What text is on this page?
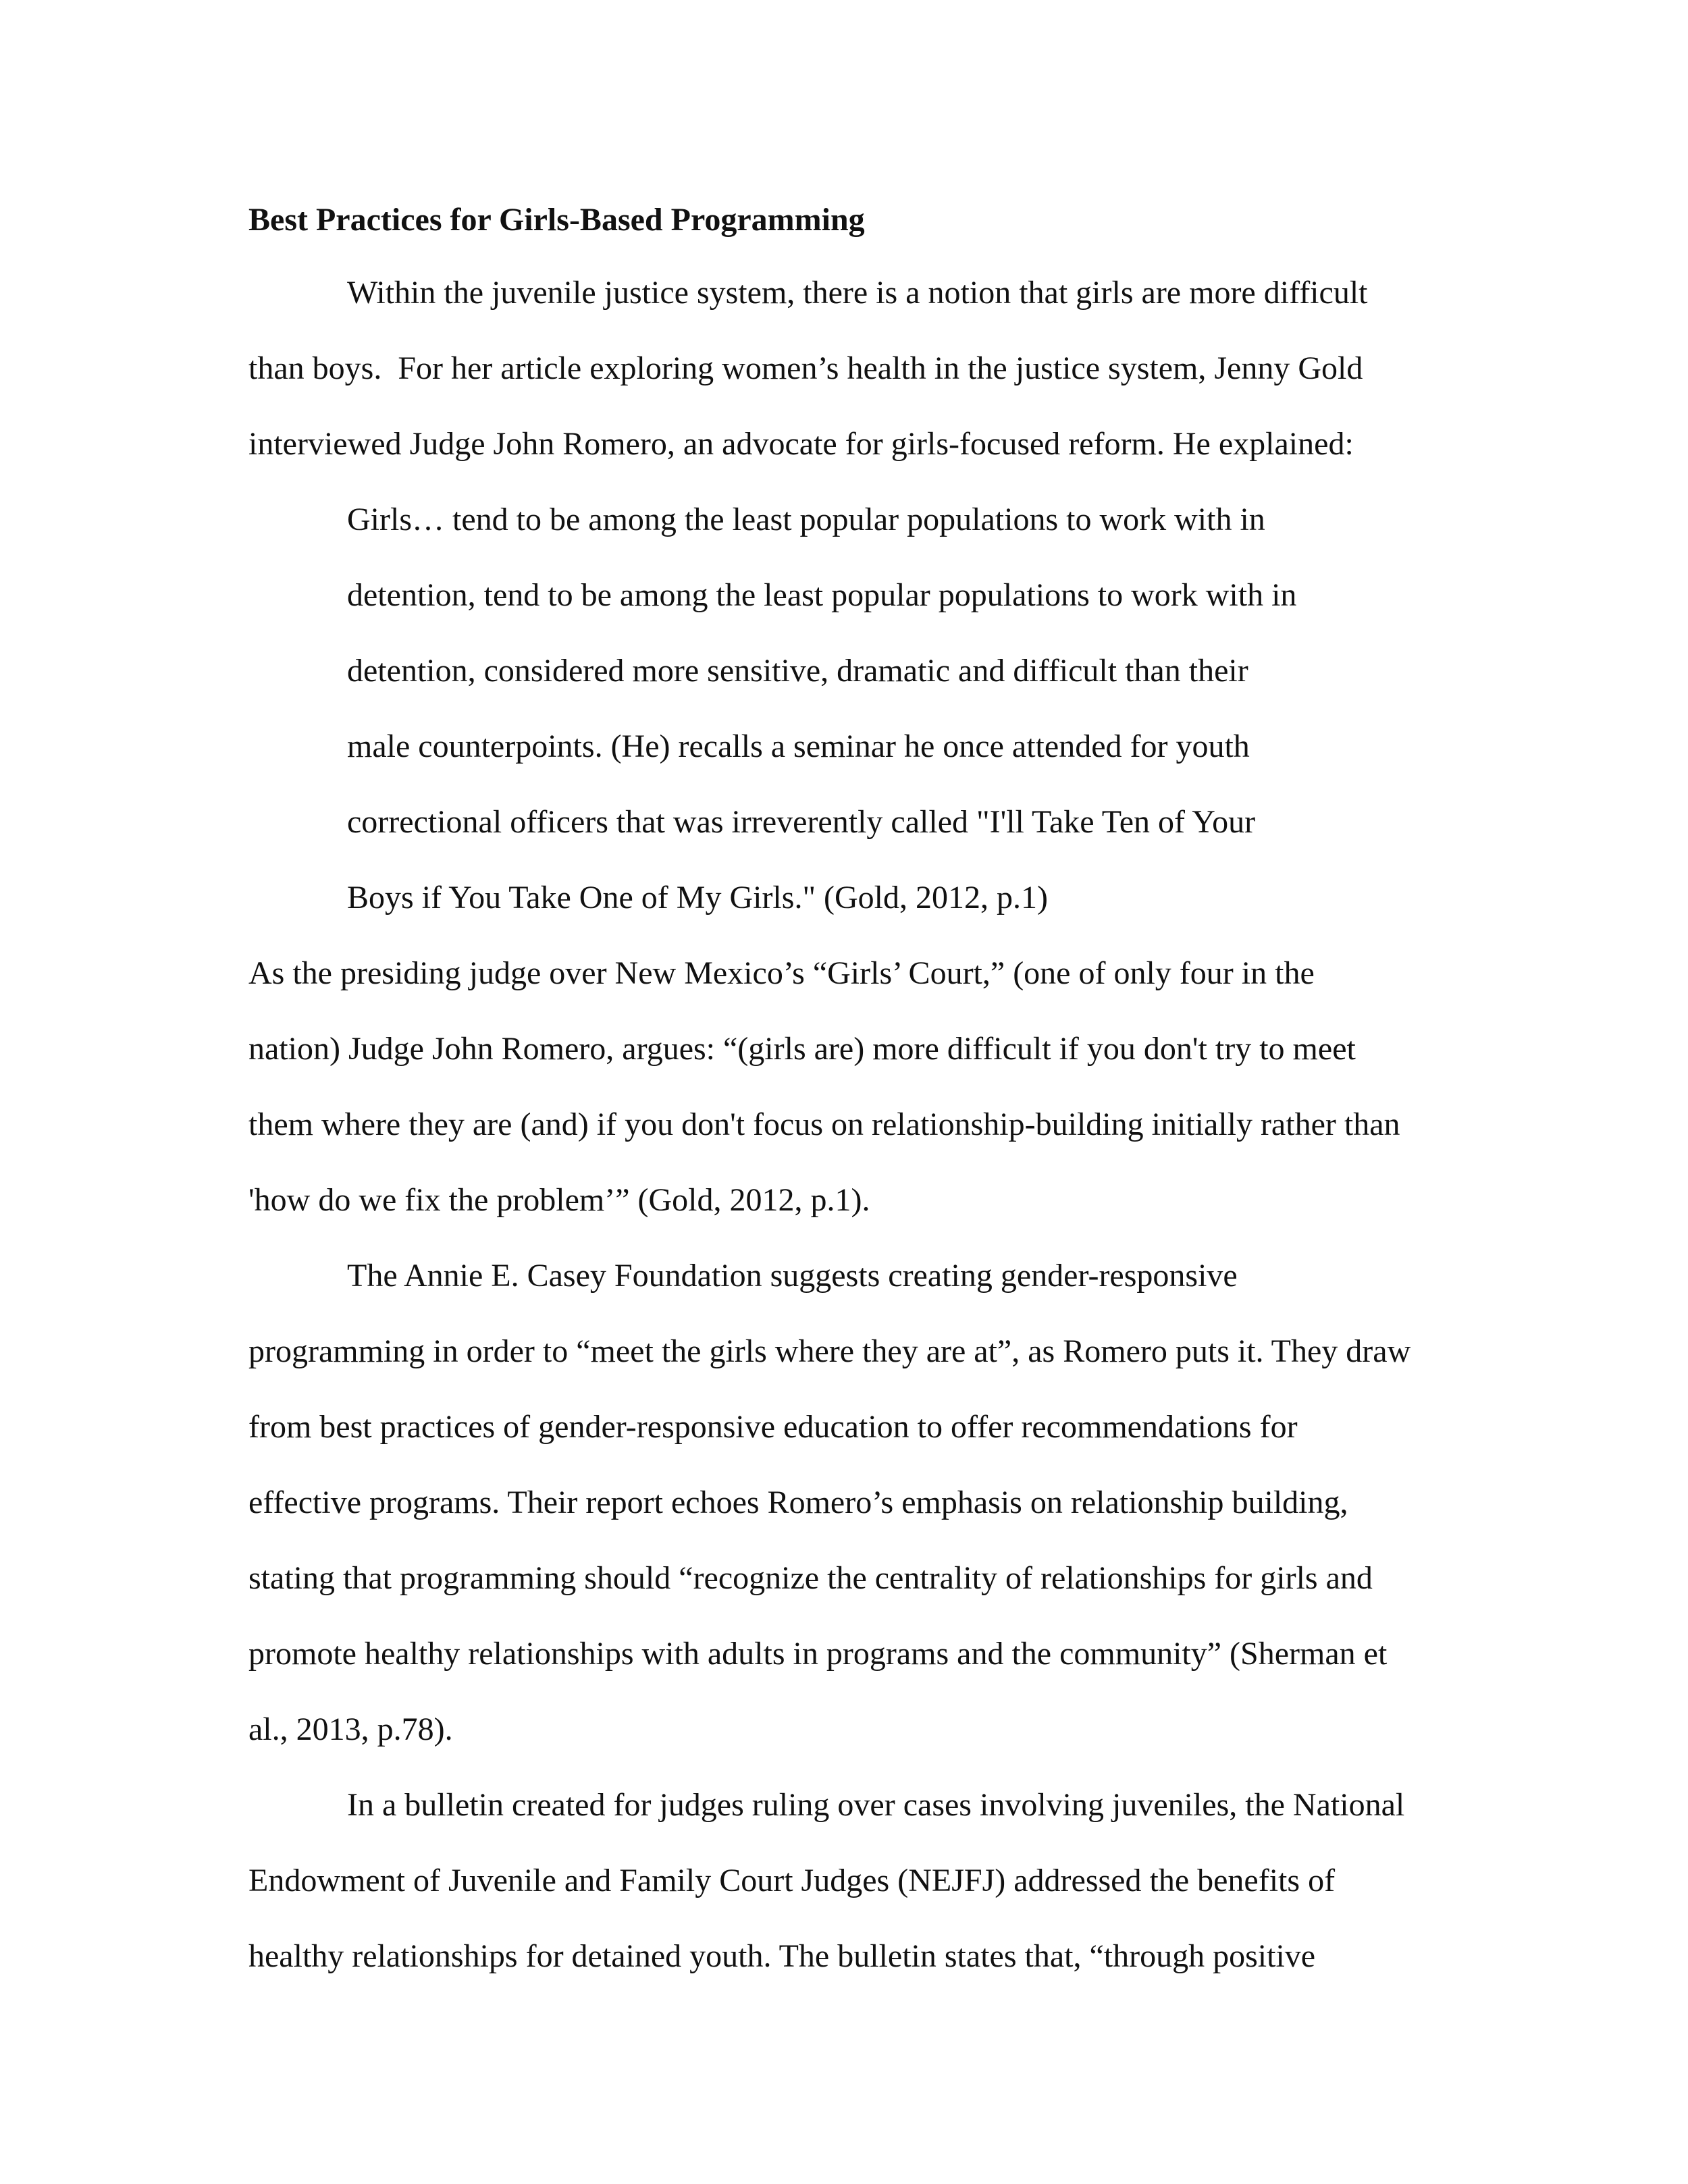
Best Practices for Girls-Based Programming
Within the juvenile justice system, there is a notion that girls are more difficult
than boys.  For her article exploring women’s health in the justice system, Jenny Gold
interviewed Judge John Romero, an advocate for girls-focused reform. He explained:
Girls… tend to be among the least popular populations to work with in
detention, tend to be among the least popular populations to work with in
detention, considered more sensitive, dramatic and difficult than their
male counterpoints. (He) recalls a seminar he once attended for youth
correctional officers that was irreverently called "I'll Take Ten of Your
Boys if You Take One of My Girls." (Gold, 2012, p.1)
As the presiding judge over New Mexico’s “Girls’ Court,” (one of only four in the
nation) Judge John Romero, argues: “(girls are) more difficult if you don't try to meet
them where they are (and) if you don't focus on relationship-building initially rather than
'how do we fix the problem’” (Gold, 2012, p.1).
The Annie E. Casey Foundation suggests creating gender-responsive
programming in order to “meet the girls where they are at”, as Romero puts it. They draw
from best practices of gender-responsive education to offer recommendations for
effective programs. Their report echoes Romero’s emphasis on relationship building,
stating that programming should “recognize the centrality of relationships for girls and
promote healthy relationships with adults in programs and the community” (Sherman et
al., 2013, p.78).
In a bulletin created for judges ruling over cases involving juveniles, the National
Endowment of Juvenile and Family Court Judges (NEJFJ) addressed the benefits of
healthy relationships for detained youth. The bulletin states that, “through positive
